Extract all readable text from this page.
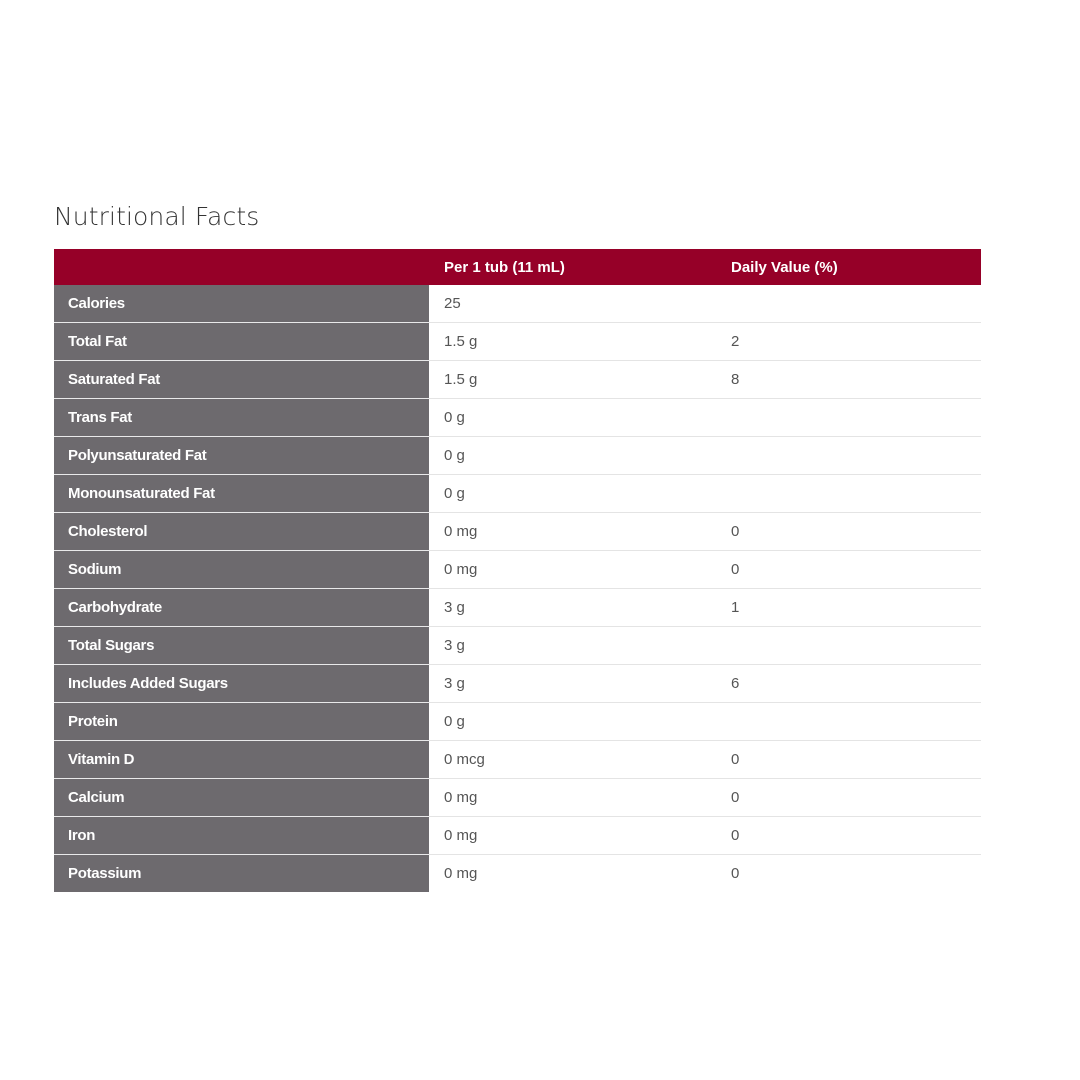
Nutritional Facts
	Per 1 tub (11 mL)	Daily Value (%)
Calories	25	
Total Fat	1.5 g	2
Saturated Fat	1.5 g	8
Trans Fat	0 g	
Polyunsaturated Fat	0 g	
Monounsaturated Fat	0 g	
Cholesterol	0 mg	0
Sodium	0 mg	0
Carbohydrate	3 g	1
Total Sugars	3 g	
Includes Added Sugars	3 g	6
Protein	0 g	
Vitamin D	0 mcg	0
Calcium	0 mg	0
Iron	0 mg	0
Potassium	0 mg	0
